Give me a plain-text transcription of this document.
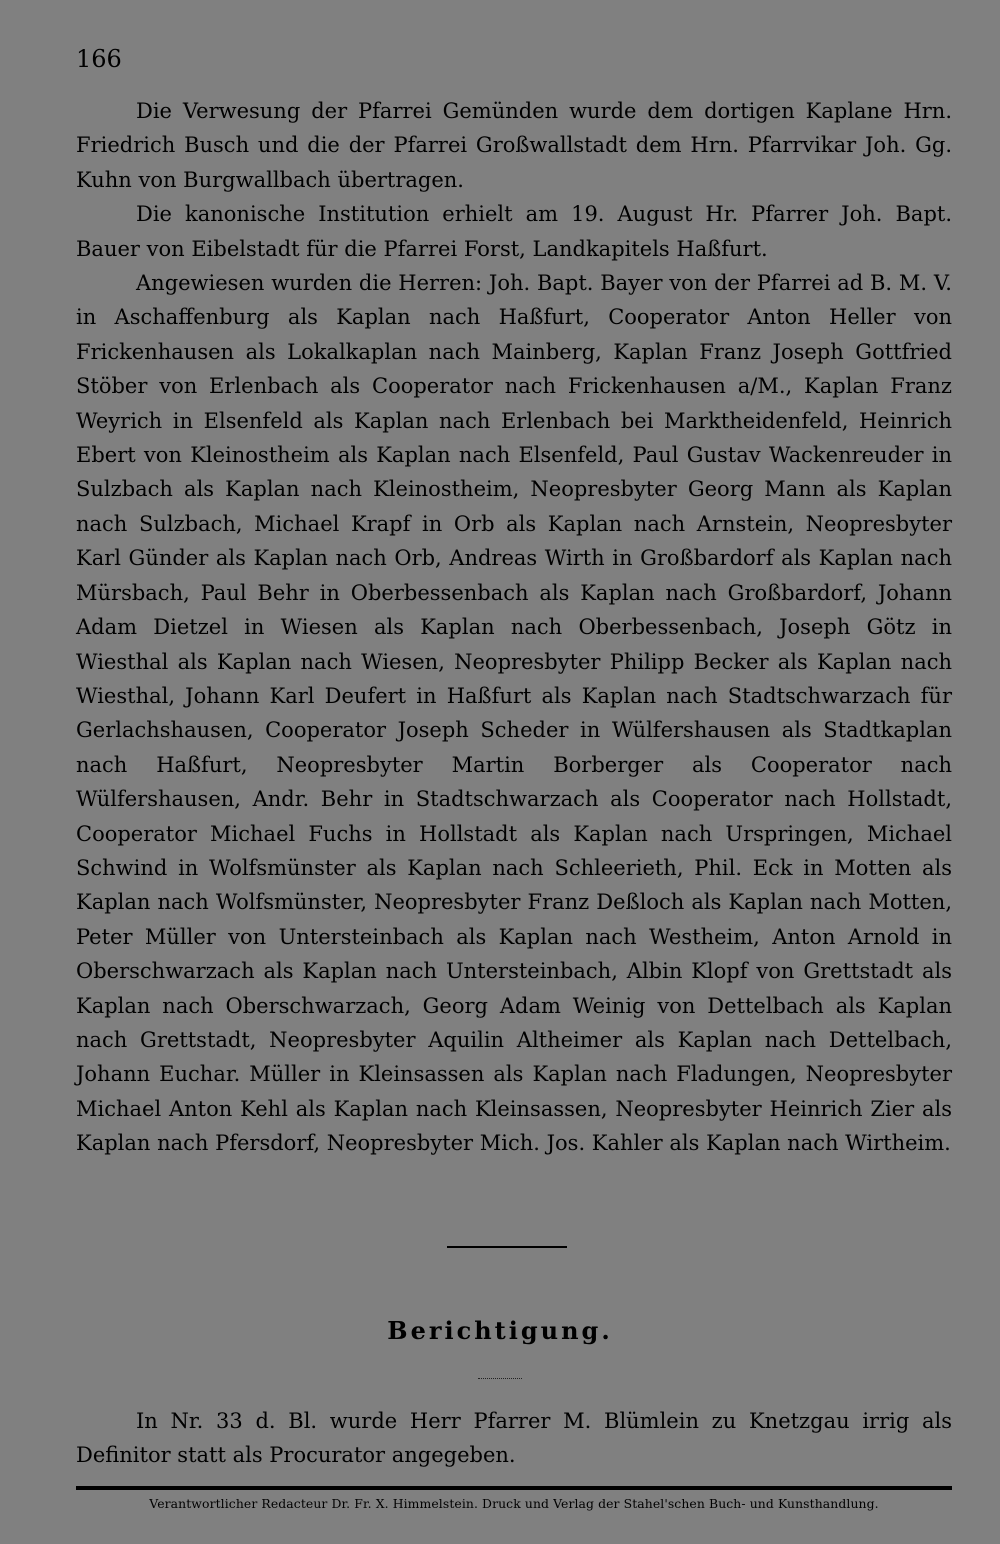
166

Die Verwesung der Pfarrei Gemünden wurde dem dortigen Kaplane Hrn. Friedrich Busch und die der Pfarrei Großwallstadt dem Hrn. Pfarrvikar Joh. Gg. Kuhn von Burgwallbach übertragen.

Die kanonische Institution erhielt am 19. August Hr. Pfarrer Joh. Bapt. Bauer von Eibelstadt für die Pfarrei Forst, Landkapitels Haßfurt.

Angewiesen wurden die Herren: Joh. Bapt. Bayer von der Pfarrei ad B. M. V. in Aschaffenburg als Kaplan nach Haßfurt, Cooperator Anton Heller von Frickenhausen als Lokalkaplan nach Mainberg, Kaplan Franz Joseph Gottfried Stöber von Erlenbach als Cooperator nach Frickenhausen a/M., Kaplan Franz Weyrich in Elsenfeld als Kaplan nach Erlenbach bei Marktheidenfeld, Heinrich Ebert von Kleinostheim als Kaplan nach Elsenfeld, Paul Gustav Wackenreuder in Sulzbach als Kaplan nach Kleinostheim, Neopresbyter Georg Mann als Kaplan nach Sulzbach, Michael Krapf in Orb als Kaplan nach Arnstein, Neopresbyter Karl Günder als Kaplan nach Orb, Andreas Wirth in Großbardorf als Kaplan nach Mürsbach, Paul Behr in Oberbessenbach als Kaplan nach Großbardorf, Johann Adam Dietzel in Wiesen als Kaplan nach Oberbessenbach, Joseph Götz in Wiesthal als Kaplan nach Wiesen, Neopresbyter Philipp Becker als Kaplan nach Wiesthal, Johann Karl Deufert in Haßfurt als Kaplan nach Stadtschwarzach für Gerlachshausen, Cooperator Joseph Scheder in Wülfershausen als Stadtkaplan nach Haßfurt, Neopresbyter Martin Borberger als Cooperator nach Wülfershausen, Andr. Behr in Stadtschwarzach als Cooperator nach Hollstadt, Cooperator Michael Fuchs in Hollstadt als Kaplan nach Urspringen, Michael Schwind in Wolfsmünster als Kaplan nach Schleerieth, Phil. Eck in Motten als Kaplan nach Wolfsmünster, Neopresbyter Franz Deßloch als Kaplan nach Motten, Peter Müller von Untersteinbach als Kaplan nach Westheim, Anton Arnold in Oberschwarzach als Kaplan nach Untersteinbach, Albin Klopf von Grettstadt als Kaplan nach Oberschwarzach, Georg Adam Weinig von Dettelbach als Kaplan nach Grettstadt, Neopresbyter Aquilin Altheimer als Kaplan nach Dettelbach, Johann Euchar. Müller in Kleinsassen als Kaplan nach Fladungen, Neopresbyter Michael Anton Kehl als Kaplan nach Kleinsassen, Neopresbyter Heinrich Zier als Kaplan nach Pfersdorf, Neopresbyter Mich. Jos. Kahler als Kaplan nach Wirtheim.

Berichtigung.

In Nr. 33 d. Bl. wurde Herr Pfarrer M. Blümlein zu Knetzgau irrig als Definitor statt als Procurator angegeben.

Verantwortlicher Redacteur Dr. Fr. X. Himmelstein. Druck und Verlag der Stahel'schen Buch- und Kunsthandlung.
